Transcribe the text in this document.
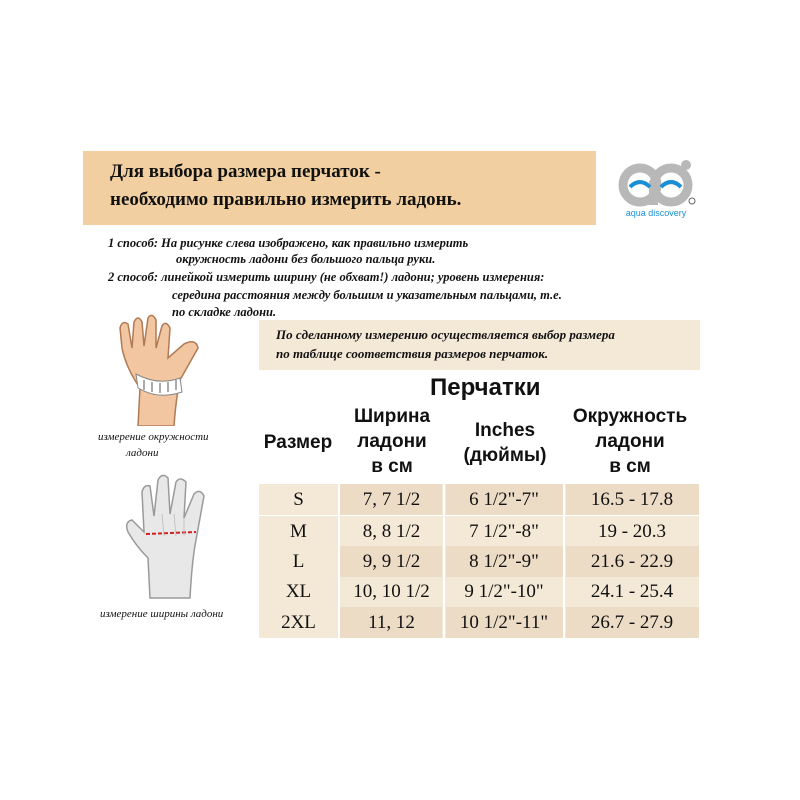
Для выбора размера перчаток -
необходимо правильно измерить ладонь.
aqua discovery
1 способ: На рисунке слева изображено, как правильно измерить
окружность ладони без большого пальца руки.
2 способ: линейкой измерить ширину (не обхват!) ладони; уровень измерения:
середина расстояния между большим и указательным пальцами, т.е.
по складке ладони.
По сделанному измерению осуществляется выбор размера
по таблице соответствия размеров перчаток.
измерение окружности
ладони
измерение ширины ладони
Перчатки
Размер
Ширина
ладони
в см
Inches
(дюймы)
Окружность
ладони
в см
S	7, 7 1/2	6 1/2"-7"	16.5 - 17.8
M	8, 8 1/2	7 1/2"-8"	19 - 20.3
L	9, 9 1/2	8 1/2"-9"	21.6 - 22.9
XL	10, 10 1/2	9 1/2"-10"	24.1 - 25.4
2XL	11, 12	10 1/2"-11"	26.7 - 27.9
